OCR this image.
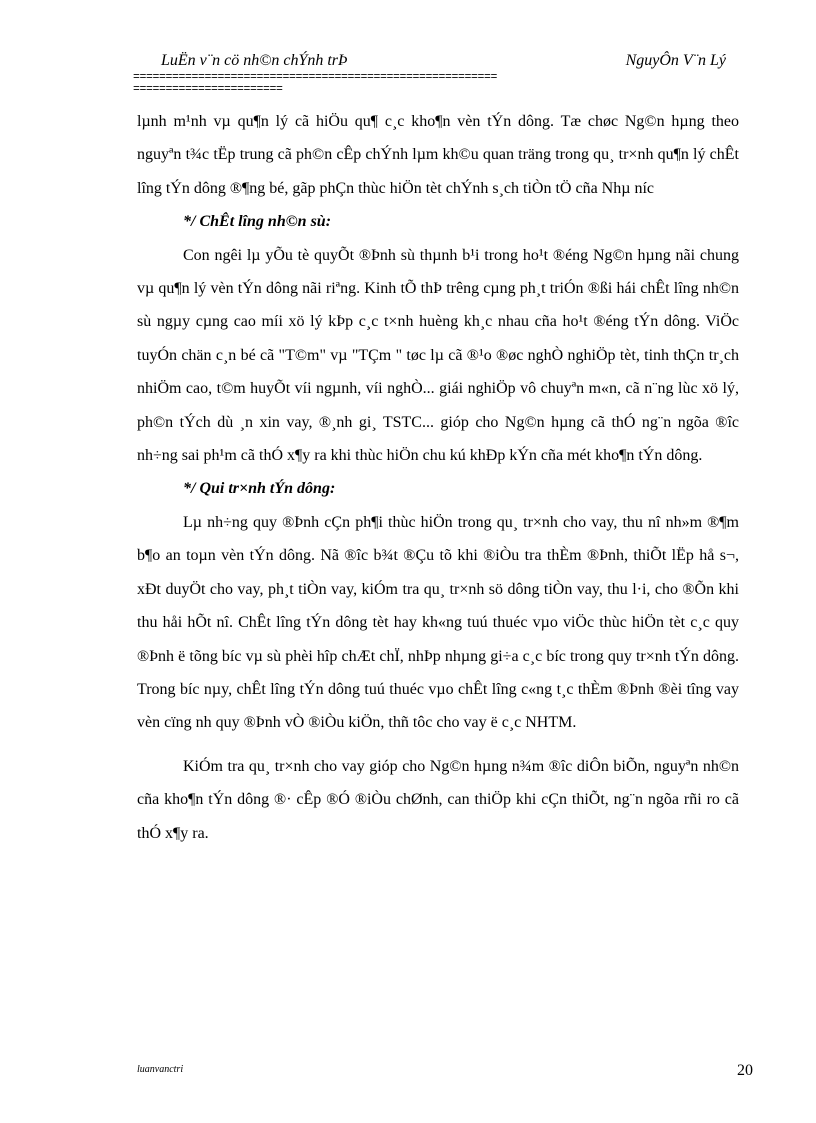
LuËn v¨n cö nh©n chÝnh trÞ	NguyÔn V¨n Lý
========================================================
=======================

lµnh m¹nh vµ qu¶n lý cã hiÖu qu¶ c¸c kho¶n vèn tÝn dông. Tæ chøc Ng©n hµng theo nguyªn t¾c tËp trung cã ph©n cÊp chÝnh lµm kh©u quan träng trong qu¸ tr×nh qu¶n lý chÊt lîng tÝn dông ®¶ng bé, gãp phÇn thùc hiÖn tèt chÝnh s¸ch tiÒn tÖ cña Nhµ níc

*/ ChÊt lîng nh©n sù:

Con ngêi lµ yÕu tè quyÕt ®Þnh sù thµnh b¹i trong ho¹t ®éng Ng©n hµng nãi chung vµ qu¶n lý vèn tÝn dông nãi riªng. Kinh tÕ thÞ trêng cµng ph¸t triÓn ®ßi hái chÊt lîng nh©n sù ngµy cµng cao míi xö lý kÞp c¸c t×nh huèng kh¸c nhau cña ho¹t ®éng tÝn dông. ViÖc tuyÓn chän c¸n bé cã "T©m" vµ "TÇm " tøc lµ cã ®¹o ®øc nghÒ nghiÖp tèt, tinh thÇn tr¸ch nhiÖm cao, t©m huyÕt víi ngµnh, víi nghÒ... giái nghiÖp vô chuyªn m«n, cã n¨ng lùc xö lý, ph©n tÝch dù ¸n xin vay, ®¸nh gi¸ TSTC... gióp cho Ng©n hµng cã thÓ ng¨n ngõa ®îc nh÷ng sai ph¹m cã thÓ x¶y ra khi thùc hiÖn chu kú khÐp kÝn cña mét kho¶n tÝn dông.

*/ Qui tr×nh tÝn dông:

Lµ nh÷ng quy ®Þnh cÇn ph¶i thùc hiÖn trong qu¸ tr×nh cho vay, thu nî nh»m ®¶m b¶o an toµn vèn tÝn dông. Nã ®îc b¾t ®Çu tõ khi ®iÒu tra thÈm ®Þnh, thiÕt lËp hå s¬, xÐt duyÖt cho vay, ph¸t tiÒn vay, kiÓm tra qu¸ tr×nh sö dông tiÒn vay, thu l·i, cho ®Õn khi thu håi hÕt nî. ChÊt lîng tÝn dông tèt hay kh«ng tuú thuéc vµo viÖc thùc hiÖn tèt c¸c quy ®Þnh ë tõng bíc vµ sù phèi hîp chÆt chÏ, nhÞp nhµng gi÷a c¸c bíc trong quy tr×nh tÝn dông. Trong bíc nµy, chÊt lîng tÝn dông tuú thuéc vµo chÊt lîng c«ng t¸c thÈm ®Þnh ®èi tîng vay vèn cïng nh quy ®Þnh vÒ ®iÒu kiÖn, thñ tôc cho vay ë c¸c NHTM.

KiÓm tra qu¸ tr×nh cho vay gióp cho Ng©n hµng n¾m ®îc diÔn biÕn, nguyªn nh©n cña kho¶n tÝn dông ®· cÊp ®Ó ®iÒu chØnh, can thiÖp khi cÇn thiÕt, ng¨n ngõa rñi ro cã thÓ x¶y ra.

luanvanctri	20
